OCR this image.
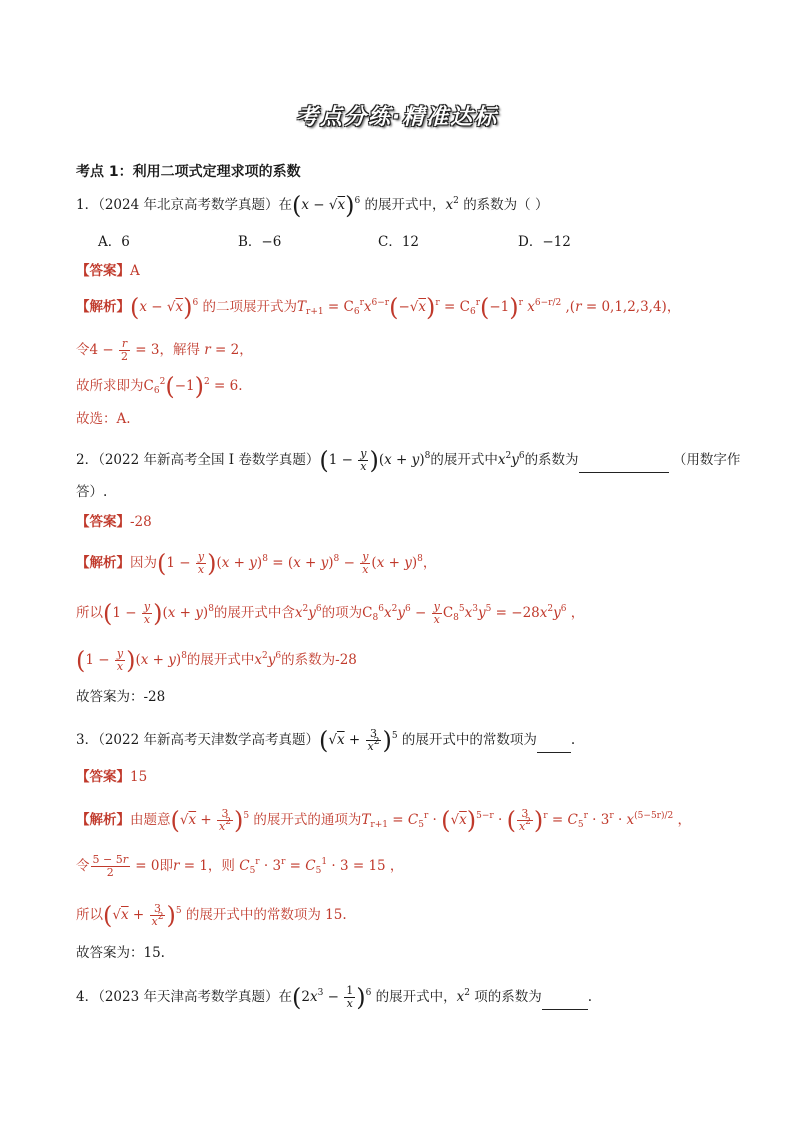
考点分练·精准达标
考点 1：利用二项式定理求项的系数
1．（2024 年北京高考数学真题）在$(x - √x)^6$ 的展开式中，$x^2$ 的系数为（ ）
A．6	B．−6	C．12	D．−12
【答案】A
【解析】$(x - √x)^6$ 的二项展开式为$T_{r+1} = C_6^rx^{6-r}(-√x)^r = C_6^r(-1)^r$ $x^{6-r/2}$ ,(r = 0,1,2,3,4)，
令$4 - \frac{r}{2} = 3$，解得 r = 2，
故所求即为$C_6^2(-1)^2 = 6$.
故选：A.
2．（2022 年新高考全国 I 卷数学真题）$(1 - \frac{y}{x} )(x + y)^8$的展开式中$x^2y^6$的系数为	（用数字作
答）.
【答案】-28
【解析】因为$(1 - \frac{y}{x} )(x + y)^8 = (x + y)^8 - \frac{y}{x} (x + y)^8$，
所以$(1 - \frac{y}{x} )(x + y)^8$的展开式中含$x^2y^6$的项为$C_8^6x^2y^6 - \frac{y}{x} C_8^5x^3y^5 = -28x^2y^6$ ，
$(1 - \frac{y}{x} )(x + y)^8$的展开式中$x^2y^6$的系数为-28
故答案为：-28
3．（2022 年新高考天津数学高考真题）$(√x + \frac{3}{x^2} )^5$ 的展开式中的常数项为	.
【答案】15
【解析】由题意$(√x + \frac{3}{x^2} )^5$ 的展开式的通项为$T_{r+1} = C_5^r \cdot (√x)^{5-r}$ · ( $\frac{3}{x^2} )^r = C_5^r \cdot 3^r \cdot x^{(5-5r)/2}$ ，
令 $\frac{5 - 5r}{2} = 0$即r = 1，则 $C_5^r \cdot 3^r = C_5^1 \cdot 3 = 15$ ，
所以$(√x + \frac{3}{x^2} )^5$ 的展开式中的常数项为 15.
故答案为：15.
4．（2023 年天津高考数学真题）在$(2x^3 - \frac{1}{x} )^6$ 的展开式中，$x^2$ 项的系数为	.
